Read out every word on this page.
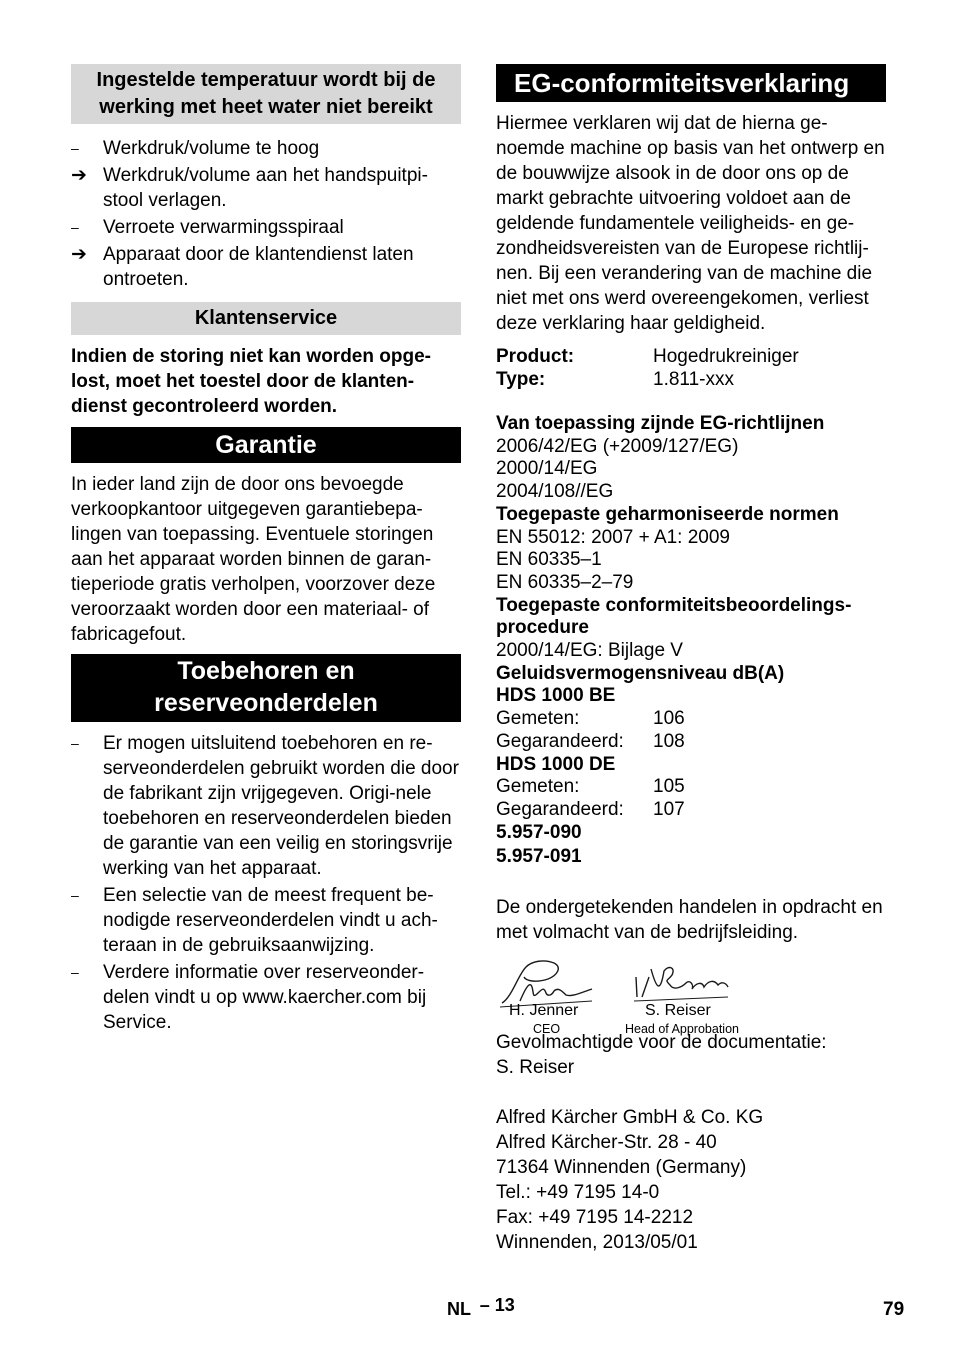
Ingestelde temperatuur wordt bij de werking met heet water niet bereikt
–	Werkdruk/volume te hoog
➔ Werkdruk/volume aan het handspuitpi-stool verlagen.
–	Verroete verwarmingsspiraal
➔ Apparaat door de klantendienst laten ontroeten.
Klantenservice
Indien de storing niet kan worden opge-lost, moet het toestel door de klanten-dienst gecontroleerd worden.
Garantie
In ieder land zijn de door ons bevoegde verkoopkantoor uitgegeven garantiebepa-lingen van toepassing. Eventuele storingen aan het apparaat worden binnen de garan-tieperiode gratis verholpen, voorzover deze veroorzaakt worden door een materiaal- of fabricagefout.
Toebehoren en
reserveonderdelen
–	Er mogen uitsluitend toebehoren en re-serveonderdelen gebruikt worden die door de fabrikant zijn vrijgegeven. Origi-nele toebehoren en reserveonderdelen bieden de garantie van een veilig en storingsvrije werking van het apparaat.
–	Een selectie van de meest frequent be-nodigde reserveonderdelen vindt u ach-teraan in de gebruiksaanwijzing.
–	Verdere informatie over reserveonder-delen vindt u op www.kaercher.com bij Service.
EG-conformiteitsverklaring
Hiermee verklaren wij dat de hierna ge-noemde machine op basis van het ontwerp en de bouwwijze alsook in de door ons op de markt gebrachte uitvoering voldoet aan de geldende fundamentele veiligheids- en ge-zondheidsvereisten van de Europese richtlij-nen. Bij een verandering van de machine die niet met ons werd overeengekomen, verliest deze verklaring haar geldigheid.
Product:	Hogedrukreiniger
Type:	1.811-xxx
Van toepassing zijnde EG-richtlijnen
2006/42/EG (+2009/127/EG)
2000/14/EG
2004/108//EG
Toegepaste geharmoniseerde normen
EN 55012: 2007 + A1: 2009
EN 60335–1
EN 60335–2–79
Toegepaste conformiteitsbeoordelings-
procedure
2000/14/EG: Bijlage V
Geluidsvermogensniveau dB(A)
HDS 1000 BE
Gemeten:	106
Gegarandeerd:	108
HDS 1000 DE
Gemeten:	105
Gegarandeerd:	107
5.957-090
5.957-091
De ondergetekenden handelen in opdracht en met volmacht van de bedrijfsleiding.
H. Jenner	S. Reiser
CEO	Head of Approbation
Gevolmachtigde voor de documentatie:
S. Reiser
Alfred Kärcher GmbH & Co. KG
Alfred Kärcher-Str. 28 - 40
71364 Winnenden (Germany)
Tel.: +49 7195 14-0
Fax: +49 7195 14-2212
Winnenden, 2013/05/01
NL – 13	79
